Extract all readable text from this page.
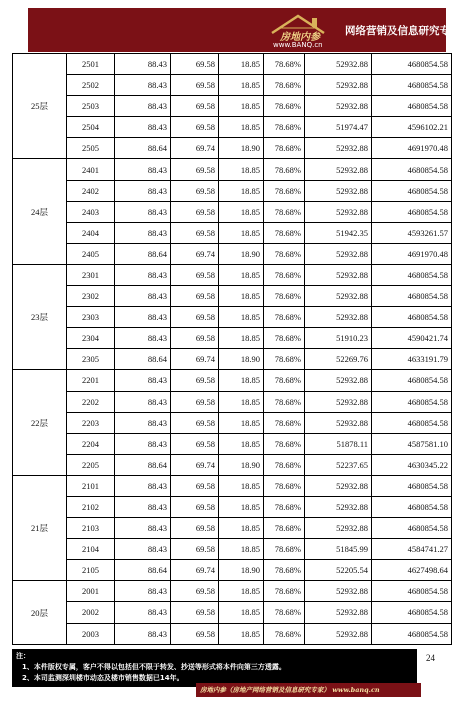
房地内参
www.BANQ.cn
网络营销及信息研究专家
25层	2501	88.43	69.58	18.85	78.68%	52932.88	4680854.58
	2502	88.43	69.58	18.85	78.68%	52932.88	4680854.58
	2503	88.43	69.58	18.85	78.68%	52932.88	4680854.58
	2504	88.43	69.58	18.85	78.68%	51974.47	4596102.21
	2505	88.64	69.74	18.90	78.68%	52932.88	4691970.48
24层	2401	88.43	69.58	18.85	78.68%	52932.88	4680854.58
	2402	88.43	69.58	18.85	78.68%	52932.88	4680854.58
	2403	88.43	69.58	18.85	78.68%	52932.88	4680854.58
	2404	88.43	69.58	18.85	78.68%	51942.35	4593261.57
	2405	88.64	69.74	18.90	78.68%	52932.88	4691970.48
23层	2301	88.43	69.58	18.85	78.68%	52932.88	4680854.58
	2302	88.43	69.58	18.85	78.68%	52932.88	4680854.58
	2303	88.43	69.58	18.85	78.68%	52932.88	4680854.58
	2304	88.43	69.58	18.85	78.68%	51910.23	4590421.74
	2305	88.64	69.74	18.90	78.68%	52269.76	4633191.79
22层	2201	88.43	69.58	18.85	78.68%	52932.88	4680854.58
	2202	88.43	69.58	18.85	78.68%	52932.88	4680854.58
	2203	88.43	69.58	18.85	78.68%	52932.88	4680854.58
	2204	88.43	69.58	18.85	78.68%	51878.11	4587581.10
	2205	88.64	69.74	18.90	78.68%	52237.65	4630345.22
21层	2101	88.43	69.58	18.85	78.68%	52932.88	4680854.58
	2102	88.43	69.58	18.85	78.68%	52932.88	4680854.58
	2103	88.43	69.58	18.85	78.68%	52932.88	4680854.58
	2104	88.43	69.58	18.85	78.68%	51845.99	4584741.27
	2105	88.64	69.74	18.90	78.68%	52205.54	4627498.64
20层	2001	88.43	69.58	18.85	78.68%	52932.88	4680854.58
	2002	88.43	69.58	18.85	78.68%	52932.88	4680854.58
	2003	88.43	69.58	18.85	78.68%	52932.88	4680854.58
注：
1、本件版权专属，客户不得以包括但不限于转发、抄送等形式将本件向第三方透露。
2、本司监测深圳楼市动态及楼市销售数据已14年。
24
房地内参（房地产网络营销及信息研究专家） www.banq.cn
